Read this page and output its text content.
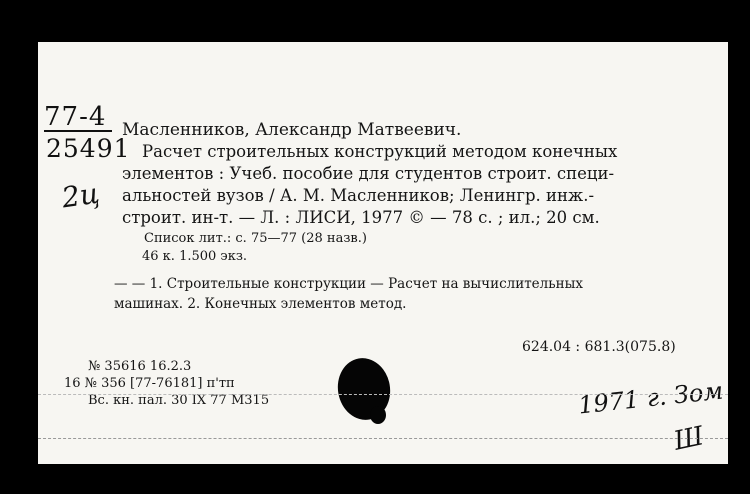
77-4
25491
2ц
Масленников, Александр Матвеевич.
Расчет строительных конструкций методом конечных
элементов : Учеб. пособие для студентов строит. специ-
альностей вузов / А. М. Масленников; Ленингр. инж.-
строит. ин-т. — Л. : ЛИСИ, 1977 © — 78 с. ; ил.; 20 см.
Список лит.: с. 75—77 (28 назв.)
46 к. 1.500 экз.
— — 1. Строительные конструкции — Расчет на вычислительных
машинах. 2. Конечных элементов метод.
624.04 : 681.3(075.8)
№ 35616 16.2.3
16 № 356 [77-76181] п'тп
Вс. кн. пал. 30 IX 77 М315	1971 г. Зом
Ш
